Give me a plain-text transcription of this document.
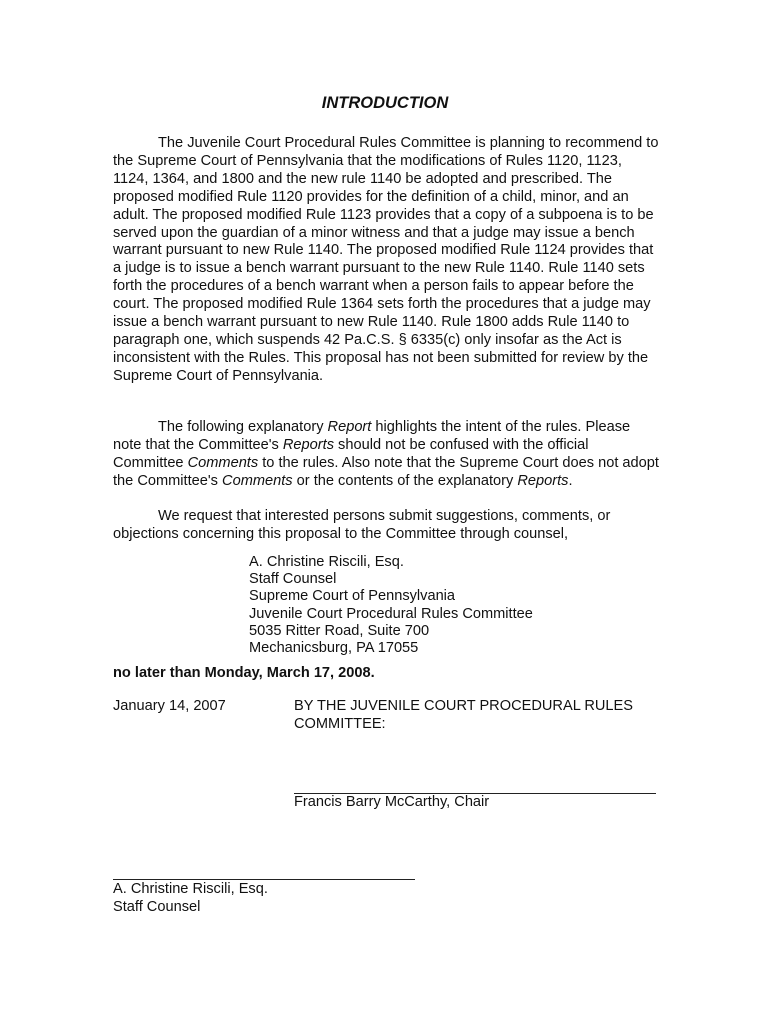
INTRODUCTION

The Juvenile Court Procedural Rules Committee is planning to recommend to the Supreme Court of Pennsylvania that the modifications of Rules 1120, 1123, 1124, 1364, and 1800 and the new rule 1140 be adopted and prescribed. The proposed modified Rule 1120 provides for the definition of a child, minor, and an adult. The proposed modified Rule 1123 provides that a copy of a subpoena is to be served upon the guardian of a minor witness and that a judge may issue a bench warrant pursuant to new Rule 1140. The proposed modified Rule 1124 provides that a judge is to issue a bench warrant pursuant to the new Rule 1140. Rule 1140 sets forth the procedures of a bench warrant when a person fails to appear before the court. The proposed modified Rule 1364 sets forth the procedures that a judge may issue a bench warrant pursuant to new Rule 1140. Rule 1800 adds Rule 1140 to paragraph one, which suspends 42 Pa.C.S. § 6335(c) only insofar as the Act is inconsistent with the Rules. This proposal has not been submitted for review by the Supreme Court of Pennsylvania.

The following explanatory Report highlights the intent of the rules. Please note that the Committee's Reports should not be confused with the official Committee Comments to the rules. Also note that the Supreme Court does not adopt the Committee's Comments or the contents of the explanatory Reports.

We request that interested persons submit suggestions, comments, or objections concerning this proposal to the Committee through counsel,

A. Christine Riscili, Esq.
Staff Counsel
Supreme Court of Pennsylvania
Juvenile Court Procedural Rules Committee
5035 Ritter Road, Suite 700
Mechanicsburg, PA 17055
no later than Monday, March 17, 2008.
January 14, 2007	BY THE JUVENILE COURT PROCEDURAL RULES
COMMITTEE:
Francis Barry McCarthy, Chair
A. Christine Riscili, Esq.
Staff Counsel
